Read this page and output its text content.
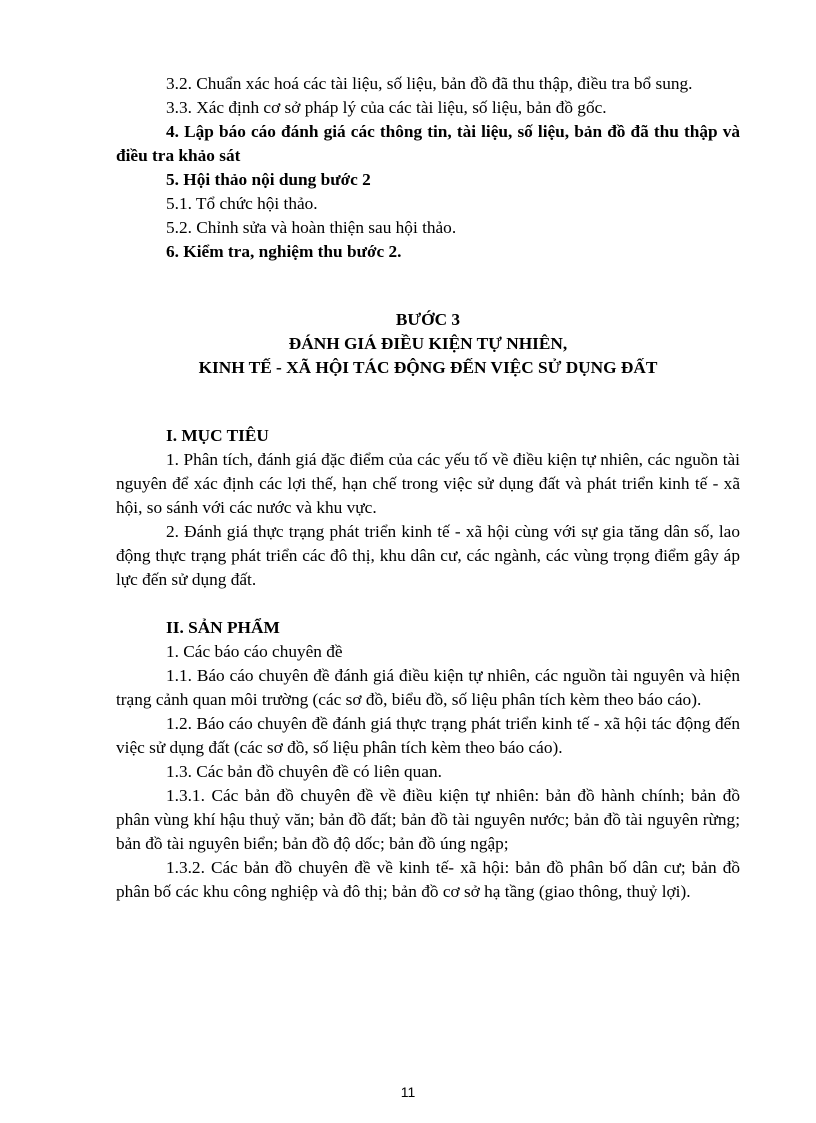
3.2. Chuẩn xác hoá các tài liệu, số liệu, bản đồ đã thu thập, điều tra bổ sung.

3.3. Xác định cơ sở pháp lý của các tài liệu, số liệu, bản đồ gốc.

4. Lập báo cáo đánh giá các thông tin, tài liệu, số liệu, bản đồ đã thu thập và điều tra khảo sát

5. Hội thảo nội dung bước 2

5.1. Tổ chức hội thảo.

5.2. Chỉnh sửa và hoàn thiện sau hội thảo.

6. Kiểm tra, nghiệm thu bước 2.

BƯỚC 3

ĐÁNH GIÁ ĐIỀU KIỆN TỰ NHIÊN,

KINH TẾ - XÃ HỘI TÁC ĐỘNG ĐẾN VIỆC SỬ DỤNG ĐẤT

I. MỤC TIÊU

1. Phân tích, đánh giá đặc điểm của các yếu tố về điều kiện tự nhiên, các nguồn tài nguyên để xác định các lợi thế, hạn chế trong việc sử dụng đất và phát triển kinh tế - xã hội, so sánh với các nước và khu vực.

2. Đánh giá thực trạng phát triển kinh tế - xã hội cùng với sự gia tăng dân số, lao động thực trạng phát triển các đô thị, khu dân cư, các ngành, các vùng trọng điểm gây áp lực đến sử dụng đất.

II. SẢN PHẨM

1. Các báo cáo chuyên đề

1.1. Báo cáo chuyên đề đánh giá điều kiện tự nhiên, các nguồn tài nguyên và hiện trạng cảnh quan môi trường (các sơ đồ, biểu đồ, số liệu phân tích kèm theo báo cáo).

1.2. Báo cáo chuyên đề đánh giá thực trạng phát triển kinh tế - xã hội tác động đến việc sử dụng đất (các sơ đồ, số liệu phân tích kèm theo báo cáo).

1.3. Các bản đồ chuyên đề có liên quan.

1.3.1. Các bản đồ chuyên đề về điều kiện tự nhiên: bản đồ hành chính; bản đồ phân vùng khí hậu thuỷ văn; bản đồ đất; bản đồ tài nguyên nước; bản đồ tài nguyên rừng; bản đồ tài nguyên biển; bản đồ độ dốc; bản đồ úng ngập;

1.3.2. Các bản đồ chuyên đề về kinh tế- xã hội: bản đồ phân bố dân cư; bản đồ phân bố các khu công nghiệp và đô thị; bản đồ cơ sở hạ tầng (giao thông, thuỷ lợi).

11
